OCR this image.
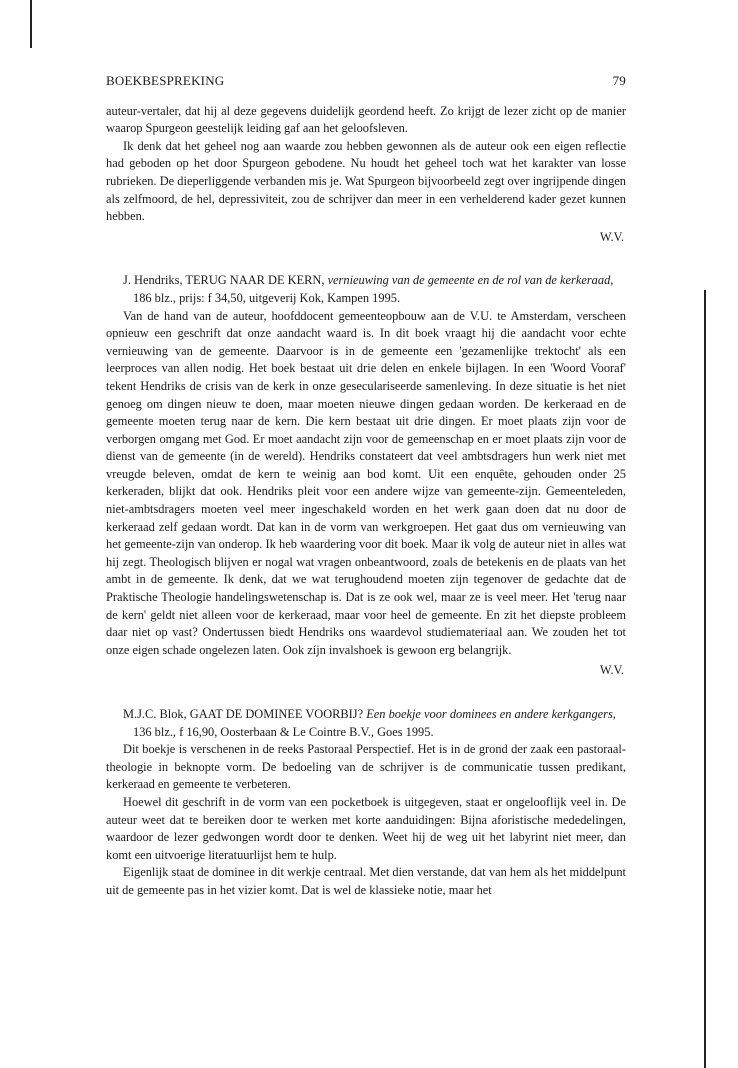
BOEKBESPREKING	79

auteur-vertaler, dat hij al deze gegevens duidelijk geordend heeft. Zo krijgt de lezer zicht op de manier waarop Spurgeon geestelijk leiding gaf aan het geloofsleven.

Ik denk dat het geheel nog aan waarde zou hebben gewonnen als de auteur ook een eigen reflectie had geboden op het door Spurgeon gebodene. Nu houdt het geheel toch wat het karakter van losse rubrieken. De dieperliggende verbanden mis je. Wat Spurgeon bijvoorbeeld zegt over ingrijpende dingen als zelfmoord, de hel, depressiviteit, zou de schrijver dan meer in een verhelderend kader gezet kunnen hebben.

W.V.

J. Hendriks, TERUG NAAR DE KERN, vernieuwing van de gemeente en de rol van de kerkeraad, 186 blz., prijs: f 34,50, uitgeverij Kok, Kampen 1995.

Van de hand van de auteur, hoofddocent gemeenteopbouw aan de V.U. te Amsterdam, verscheen opnieuw een geschrift dat onze aandacht waard is. In dit boek vraagt hij die aandacht voor echte vernieuwing van de gemeente. Daarvoor is in de gemeente een 'gezamenlijke trektocht' als een leerproces van allen nodig. Het boek bestaat uit drie delen en enkele bijlagen. In een 'Woord Vooraf' tekent Hendriks de crisis van de kerk in onze geseculariseerde samenleving. In deze situatie is het niet genoeg om dingen nieuw te doen, maar moeten nieuwe dingen gedaan worden. De kerkeraad en de gemeente moeten terug naar de kern. Die kern bestaat uit drie dingen. Er moet plaats zijn voor de verborgen omgang met God. Er moet aandacht zijn voor de gemeenschap en er moet plaats zijn voor de dienst van de gemeente (in de wereld). Hendriks constateert dat veel ambtsdragers hun werk niet met vreugde beleven, omdat de kern te weinig aan bod komt. Uit een enquête, gehouden onder 25 kerkeraden, blijkt dat ook. Hendriks pleit voor een andere wijze van gemeente-zijn. Gemeenteleden, niet-ambtsdragers moeten veel meer ingeschakeld worden en het werk gaan doen dat nu door de kerkeraad zelf gedaan wordt. Dat kan in de vorm van werkgroepen. Het gaat dus om vernieuwing van het gemeente-zijn van onderop. Ik heb waardering voor dit boek. Maar ik volg de auteur niet in alles wat hij zegt. Theologisch blijven er nogal wat vragen onbeantwoord, zoals de betekenis en de plaats van het ambt in de gemeente. Ik denk, dat we wat terughoudend moeten zijn tegenover de gedachte dat de Praktische Theologie handelingswetenschap is. Dat is ze ook wel, maar ze is veel meer. Het 'terug naar de kern' geldt niet alleen voor de kerkeraad, maar voor heel de gemeente. En zit het diepste probleem daar niet op vast? Ondertussen biedt Hendriks ons waardevol studiemateriaal aan. We zouden het tot onze eigen schade ongelezen laten. Ook zíjn invalshoek is gewoon erg belangrijk.

W.V.

M.J.C. Blok, GAAT DE DOMINEE VOORBIJ? Een boekje voor dominees en andere kerkgangers, 136 blz., f 16,90, Oosterbaan & Le Cointre B.V., Goes 1995.

Dit boekje is verschenen in de reeks Pastoraal Perspectief. Het is in de grond der zaak een pastoraal-theologie in beknopte vorm. De bedoeling van de schrijver is de communicatie tussen predikant, kerkeraad en gemeente te verbeteren.

Hoewel dit geschrift in de vorm van een pocketboek is uitgegeven, staat er ongelooflijk veel in. De auteur weet dat te bereiken door te werken met korte aanduidingen: Bijna aforistische mededelingen, waardoor de lezer gedwongen wordt door te denken. Weet hij de weg uit het labyrint niet meer, dan komt een uitvoerige literatuurlijst hem te hulp.

Eigenlijk staat de dominee in dit werkje centraal. Met dien verstande, dat van hem als het middelpunt uit de gemeente pas in het vizier komt. Dat is wel de klassieke notie, maar het
